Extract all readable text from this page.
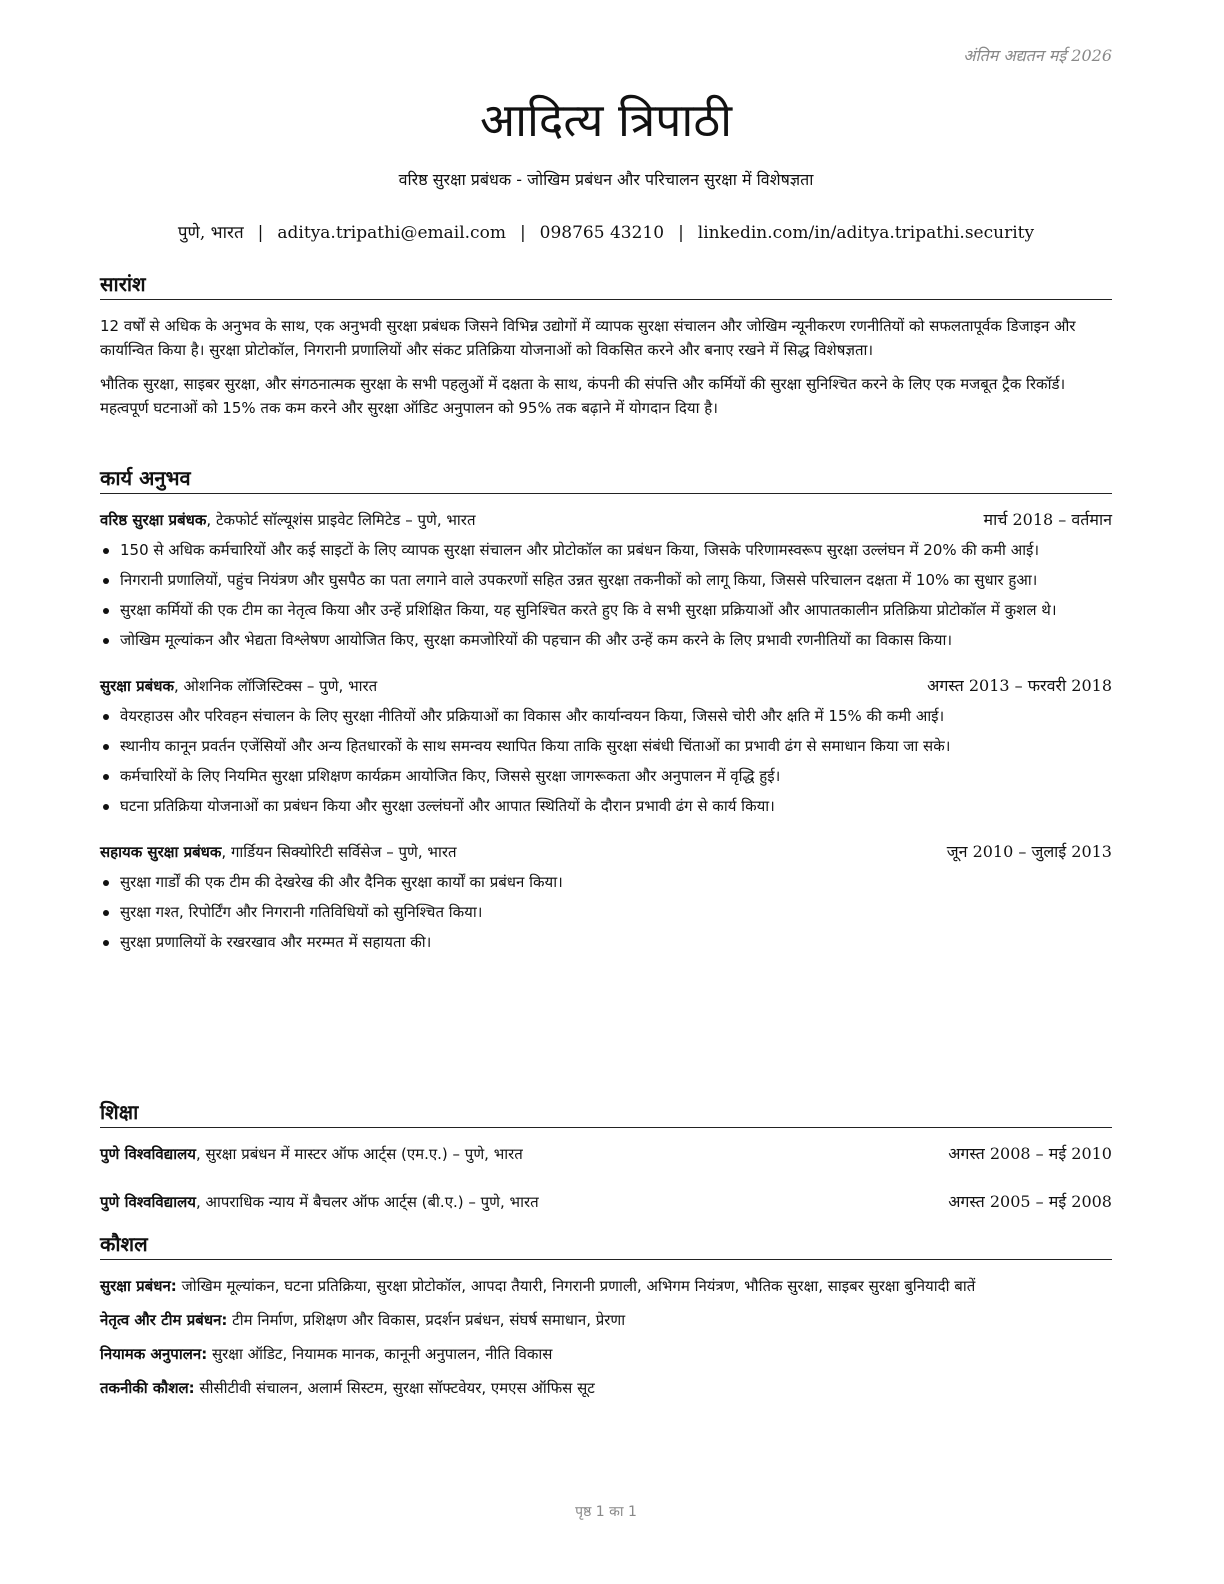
अंतिम अद्यतन मई 2026
आदित्य त्रिपाठी
वरिष्ठ सुरक्षा प्रबंधक - जोखिम प्रबंधन और परिचालन सुरक्षा में विशेषज्ञता
पुणे, भारत | aditya.tripathi@email.com | 098765 43210 | linkedin.com/in/aditya.tripathi.security
सारांश

12 वर्षों से अधिक के अनुभव के साथ, एक अनुभवी सुरक्षा प्रबंधक जिसने विभिन्न उद्योगों में व्यापक सुरक्षा संचालन और जोखिम न्यूनीकरण रणनीतियों को सफलतापूर्वक डिजाइन और कार्यान्वित किया है। सुरक्षा प्रोटोकॉल, निगरानी प्रणालियों और संकट प्रतिक्रिया योजनाओं को विकसित करने और बनाए रखने में सिद्ध विशेषज्ञता।

भौतिक सुरक्षा, साइबर सुरक्षा, और संगठनात्मक सुरक्षा के सभी पहलुओं में दक्षता के साथ, कंपनी की संपत्ति और कर्मियों की सुरक्षा सुनिश्चित करने के लिए एक मजबूत ट्रैक रिकॉर्ड। महत्वपूर्ण घटनाओं को 15% तक कम करने और सुरक्षा ऑडिट अनुपालन को 95% तक बढ़ाने में योगदान दिया है।

कार्य अनुभव
वरिष्ठ सुरक्षा प्रबंधक, टेकफोर्ट सॉल्यूशंस प्राइवेट लिमिटेड – पुणे, भारत	मार्च 2018 – वर्तमान
150 से अधिक कर्मचारियों और कई साइटों के लिए व्यापक सुरक्षा संचालन और प्रोटोकॉल का प्रबंधन किया, जिसके परिणामस्वरूप सुरक्षा उल्लंघन में 20% की कमी आई।
निगरानी प्रणालियों, पहुंच नियंत्रण और घुसपैठ का पता लगाने वाले उपकरणों सहित उन्नत सुरक्षा तकनीकों को लागू किया, जिससे परिचालन दक्षता में 10% का सुधार हुआ।
सुरक्षा कर्मियों की एक टीम का नेतृत्व किया और उन्हें प्रशिक्षित किया, यह सुनिश्चित करते हुए कि वे सभी सुरक्षा प्रक्रियाओं और आपातकालीन प्रतिक्रिया प्रोटोकॉल में कुशल थे।
जोखिम मूल्यांकन और भेद्यता विश्लेषण आयोजित किए, सुरक्षा कमजोरियों की पहचान की और उन्हें कम करने के लिए प्रभावी रणनीतियों का विकास किया।
सुरक्षा प्रबंधक, ओशनिक लॉजिस्टिक्स – पुणे, भारत	अगस्त 2013 – फरवरी 2018
वेयरहाउस और परिवहन संचालन के लिए सुरक्षा नीतियों और प्रक्रियाओं का विकास और कार्यान्वयन किया, जिससे चोरी और क्षति में 15% की कमी आई।
स्थानीय कानून प्रवर्तन एजेंसियों और अन्य हितधारकों के साथ समन्वय स्थापित किया ताकि सुरक्षा संबंधी चिंताओं का प्रभावी ढंग से समाधान किया जा सके।
कर्मचारियों के लिए नियमित सुरक्षा प्रशिक्षण कार्यक्रम आयोजित किए, जिससे सुरक्षा जागरूकता और अनुपालन में वृद्धि हुई।
घटना प्रतिक्रिया योजनाओं का प्रबंधन किया और सुरक्षा उल्लंघनों और आपात स्थितियों के दौरान प्रभावी ढंग से कार्य किया।
सहायक सुरक्षा प्रबंधक, गार्डियन सिक्योरिटी सर्विसेज – पुणे, भारत	जून 2010 – जुलाई 2013
सुरक्षा गार्डों की एक टीम की देखरेख की और दैनिक सुरक्षा कार्यों का प्रबंधन किया।
सुरक्षा गश्त, रिपोर्टिंग और निगरानी गतिविधियों को सुनिश्चित किया।
सुरक्षा प्रणालियों के रखरखाव और मरम्मत में सहायता की।
शिक्षा
पुणे विश्वविद्यालय, सुरक्षा प्रबंधन में मास्टर ऑफ आर्ट्स (एम.ए.) – पुणे, भारत	अगस्त 2008 – मई 2010
पुणे विश्वविद्यालय, आपराधिक न्याय में बैचलर ऑफ आर्ट्स (बी.ए.) – पुणे, भारत	अगस्त 2005 – मई 2008
कौशल

सुरक्षा प्रबंधन: जोखिम मूल्यांकन, घटना प्रतिक्रिया, सुरक्षा प्रोटोकॉल, आपदा तैयारी, निगरानी प्रणाली, अभिगम नियंत्रण, भौतिक सुरक्षा, साइबर सुरक्षा बुनियादी बातें

नेतृत्व और टीम प्रबंधन: टीम निर्माण, प्रशिक्षण और विकास, प्रदर्शन प्रबंधन, संघर्ष समाधान, प्रेरणा

नियामक अनुपालन: सुरक्षा ऑडिट, नियामक मानक, कानूनी अनुपालन, नीति विकास

तकनीकी कौशल: सीसीटीवी संचालन, अलार्म सिस्टम, सुरक्षा सॉफ्टवेयर, एमएस ऑफिस सूट

पृष्ठ 1 का 1
